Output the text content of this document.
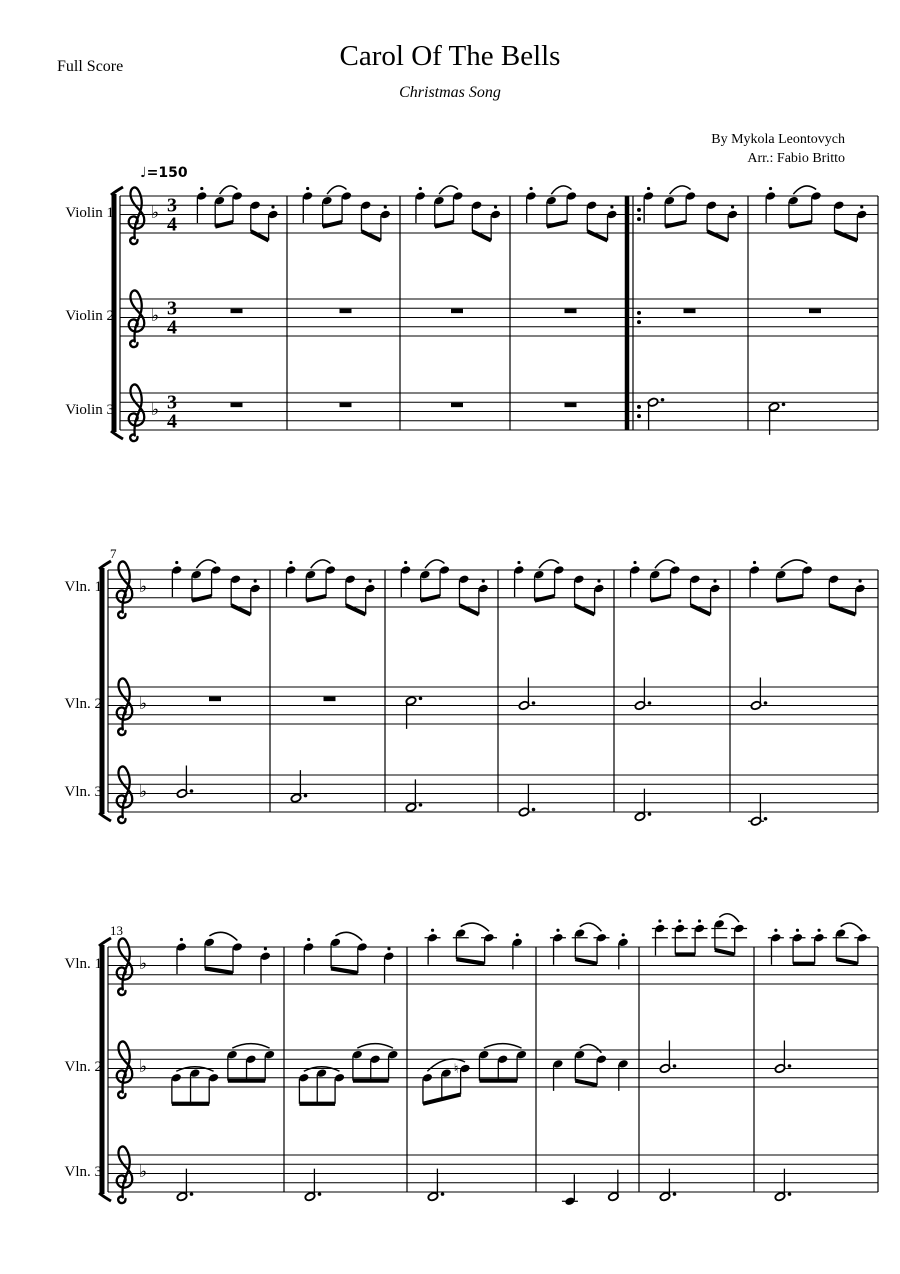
Full Score	Carol Of The Bells
Christmas Song
By Mykola Leontovych
Arr.: Fabio Britto
♩=150
♭ 3
4
♭ 3
4
♭ 3
4
♭
♭
♭
♭
♭	♮
♭
Violin 1
Violin 2
Violin 3
Vln. 1
Vln. 2
Vln. 3
7
Vln. 1
Vln. 2
Vln. 3
13
